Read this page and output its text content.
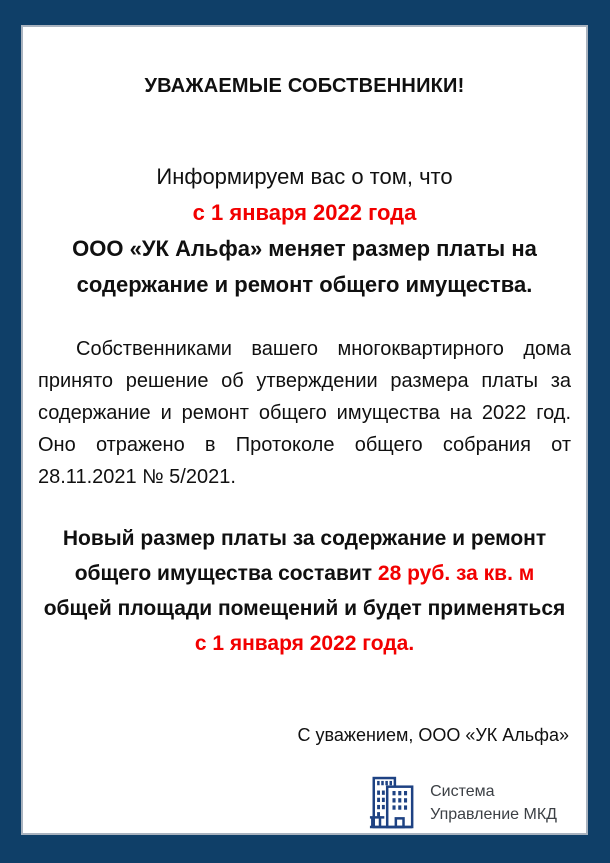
УВАЖАЕМЫЕ СОБСТВЕННИКИ!
Информируем вас о том, что
с 1 января 2022 года
ООО «УК Альфа» меняет размер платы на содержание и ремонт общего имущества.
Собственниками вашего многоквартирного дома принято решение об утверждении размера платы за содержание и ремонт общего имущества на 2022 год. Оно отражено в Протоколе общего собрания от 28.11.2021 № 5/2021.
Новый размер платы за содержание и ремонт общего имущества составит 28 руб. за кв. м общей площади помещений и будет применяться с 1 января 2022 года.
С уважением, ООО «УК Альфа»
Система
Управление МКД
